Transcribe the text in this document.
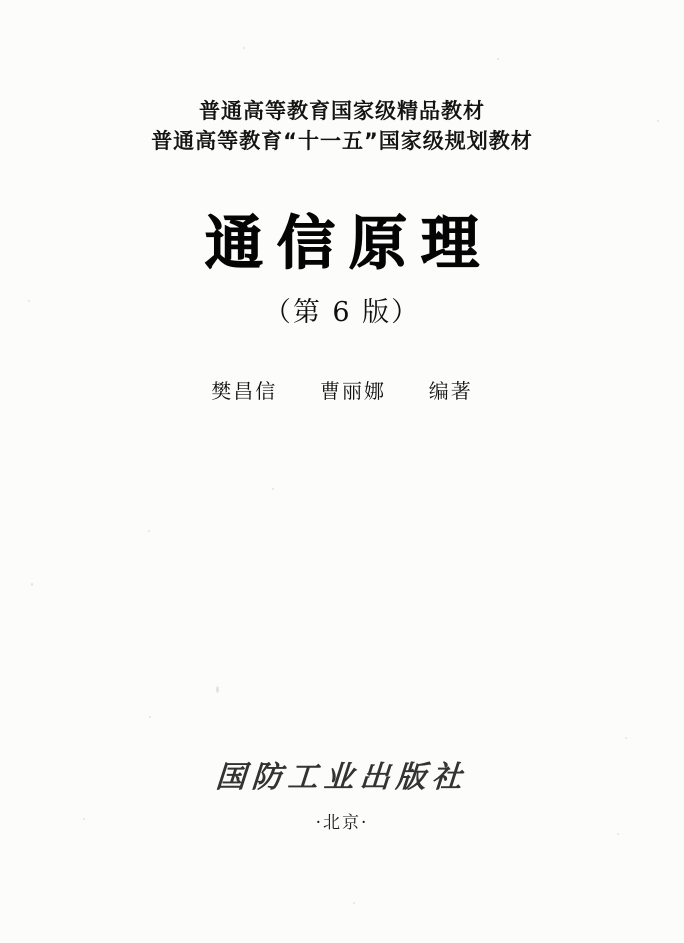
普通高等教育国家级精品教材
普通高等教育“十一五”国家级规划教材
通信原理
（第 6 版）
樊昌信 曹丽娜 编著
国防工业出版社
·北京·
